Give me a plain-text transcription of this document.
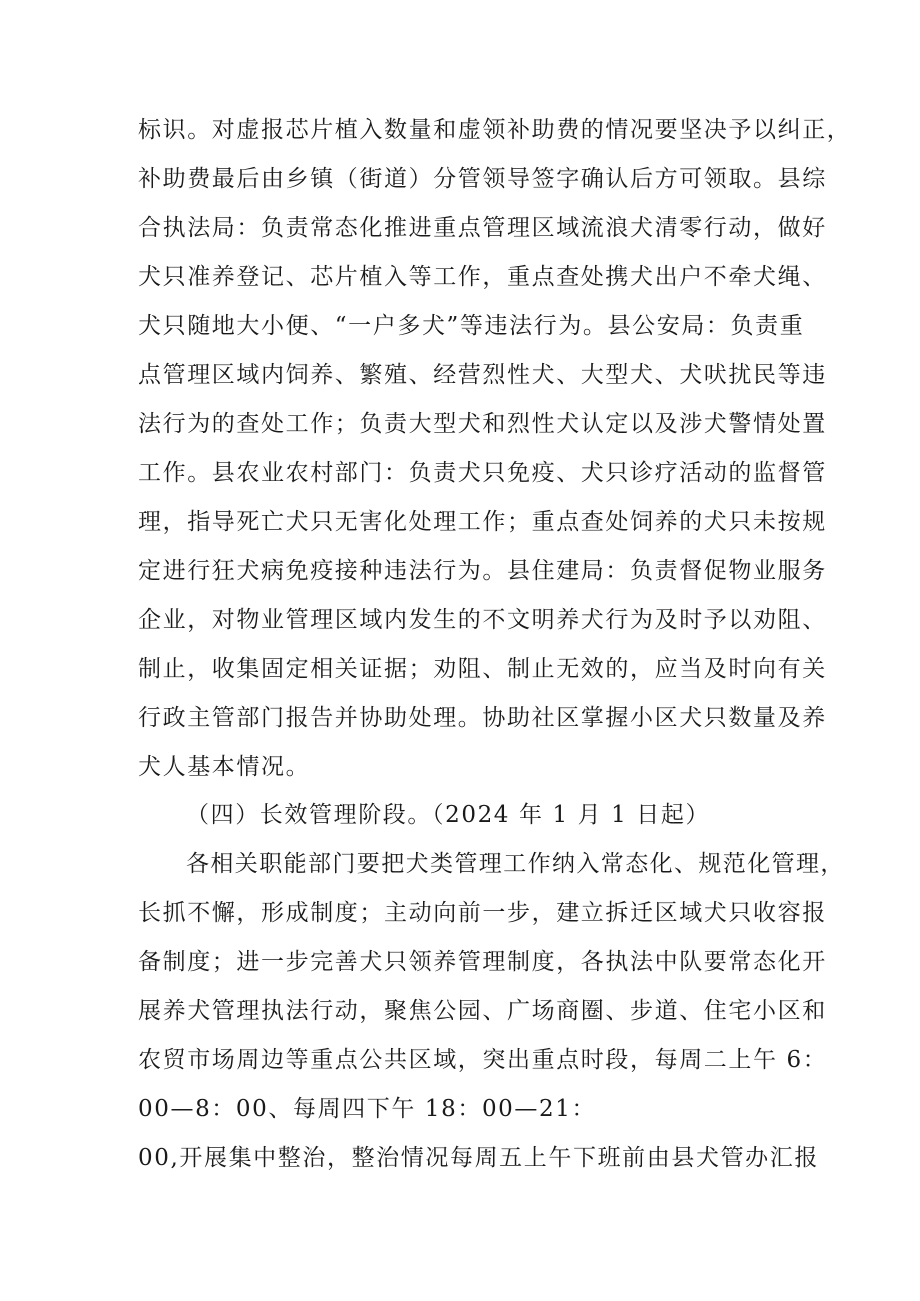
标识。对虚报芯片植入数量和虚领补助费的情况要坚决予以纠正，
补助费最后由乡镇（街道）分管领导签字确认后方可领取。县综
合执法局：负责常态化推进重点管理区域流浪犬清零行动，做好
犬只准养登记、芯片植入等工作，重点查处携犬出户不牵犬绳、
犬只随地大小便、“一户多犬”等违法行为。县公安局：负责重
点管理区域内饲养、繁殖、经营烈性犬、大型犬、犬吠扰民等违
法行为的查处工作；负责大型犬和烈性犬认定以及涉犬警情处置
工作。县农业农村部门：负责犬只免疫、犬只诊疗活动的监督管
理，指导死亡犬只无害化处理工作；重点查处饲养的犬只未按规
定进行狂犬病免疫接种违法行为。县住建局：负责督促物业服务
企业，对物业管理区域内发生的不文明养犬行为及时予以劝阻、
制止，收集固定相关证据；劝阻、制止无效的，应当及时向有关
行政主管部门报告并协助处理。协助社区掌握小区犬只数量及养
犬人基本情况。
（四）长效管理阶段。（2024 年 1 月 1 日起）
各相关职能部门要把犬类管理工作纳入常态化、规范化管理，
长抓不懈，形成制度；主动向前一步，建立拆迁区域犬只收容报
备制度；进一步完善犬只领养管理制度，各执法中队要常态化开
展养犬管理执法行动，聚焦公园、广场商圈、步道、住宅小区和
农贸市场周边等重点公共区域，突出重点时段，每周二上午 6：
00—8：00、每周四下午 18：00—21：
00,开展集中整治，整治情况每周五上午下班前由县犬管办汇报
